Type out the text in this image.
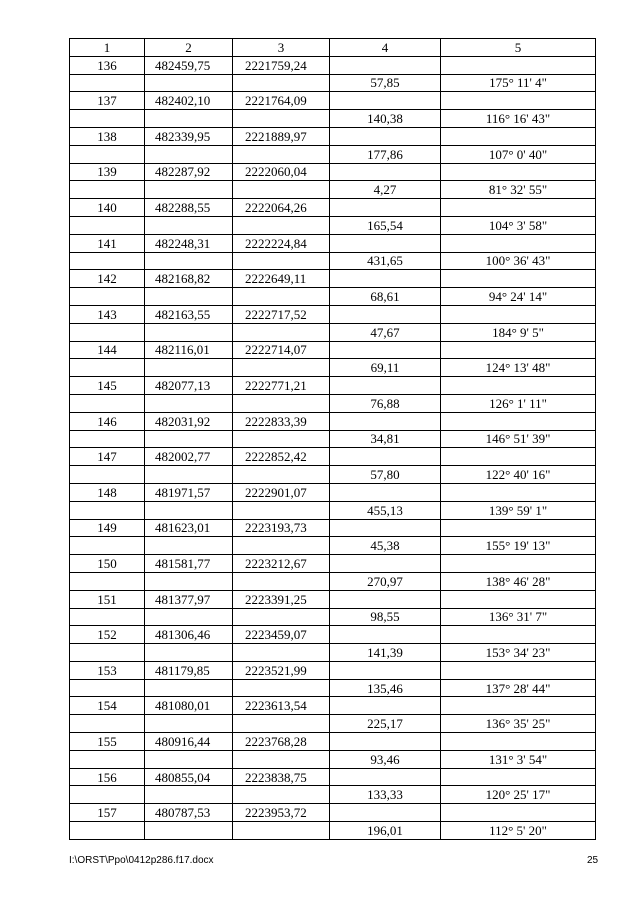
1	2	3	4	5
136	482459,75	2221759,24		
			57,85	175° 11' 4"
137	482402,10	2221764,09		
			140,38	116° 16' 43"
138	482339,95	2221889,97		
			177,86	107° 0' 40"
139	482287,92	2222060,04		
			4,27	81° 32' 55"
140	482288,55	2222064,26		
			165,54	104° 3' 58"
141	482248,31	2222224,84		
			431,65	100° 36' 43"
142	482168,82	2222649,11		
			68,61	94° 24' 14"
143	482163,55	2222717,52		
			47,67	184° 9' 5"
144	482116,01	2222714,07		
			69,11	124° 13' 48"
145	482077,13	2222771,21		
			76,88	126° 1' 11"
146	482031,92	2222833,39		
			34,81	146° 51' 39"
147	482002,77	2222852,42		
			57,80	122° 40' 16"
148	481971,57	2222901,07		
			455,13	139° 59' 1"
149	481623,01	2223193,73		
			45,38	155° 19' 13"
150	481581,77	2223212,67		
			270,97	138° 46' 28"
151	481377,97	2223391,25		
			98,55	136° 31' 7"
152	481306,46	2223459,07		
			141,39	153° 34' 23"
153	481179,85	2223521,99		
			135,46	137° 28' 44"
154	481080,01	2223613,54		
			225,17	136° 35' 25"
155	480916,44	2223768,28		
			93,46	131° 3' 54"
156	480855,04	2223838,75		
			133,33	120° 25' 17"
157	480787,53	2223953,72		
			196,01	112° 5' 20"
I:\ORST\Ppo\0412p286.f17.docx	25
